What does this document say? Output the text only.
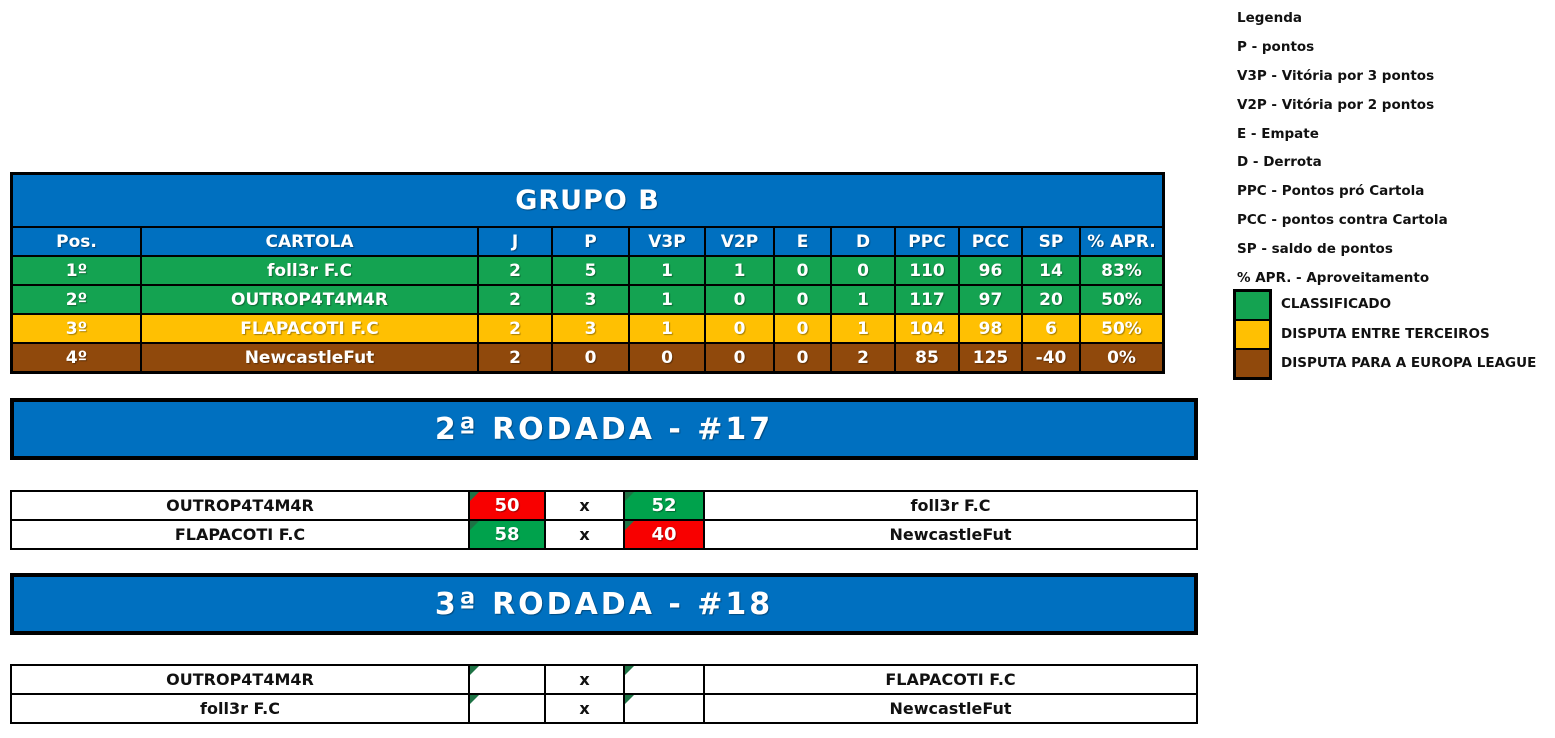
GRUPO B
Pos.	CARTOLA	J	P	V3P	V2P	E	D	PPC	PCC	SP	% APR.
1º	foll3r F.C	2	5	1	1	0	0	110	96	14	83%
2º	OUTROP4T4M4R	2	3	1	0	0	1	117	97	20	50%
3º	FLAPACOTI F.C	2	3	1	0	0	1	104	98	6	50%
4º	NewcastleFut	2	0	0	0	0	2	85	125	-40	0%
2ª RODADA - #17
OUTROP4T4M4R	50	x	52	foll3r F.C
FLAPACOTI F.C	58	x	40	NewcastleFut
3ª RODADA - #18
OUTROP4T4M4R	x	FLAPACOTI F.C
foll3r F.C	x	NewcastleFut
Legenda
P - pontos
V3P - Vitória por 3 pontos
V2P - Vitória por 2 pontos
E - Empate
D - Derrota
PPC - Pontos pró Cartola
PCC - pontos contra Cartola
SP - saldo de pontos
% APR. - Aproveitamento
CLASSIFICADO
DISPUTA ENTRE TERCEIROS
DISPUTA PARA A EUROPA LEAGUE
